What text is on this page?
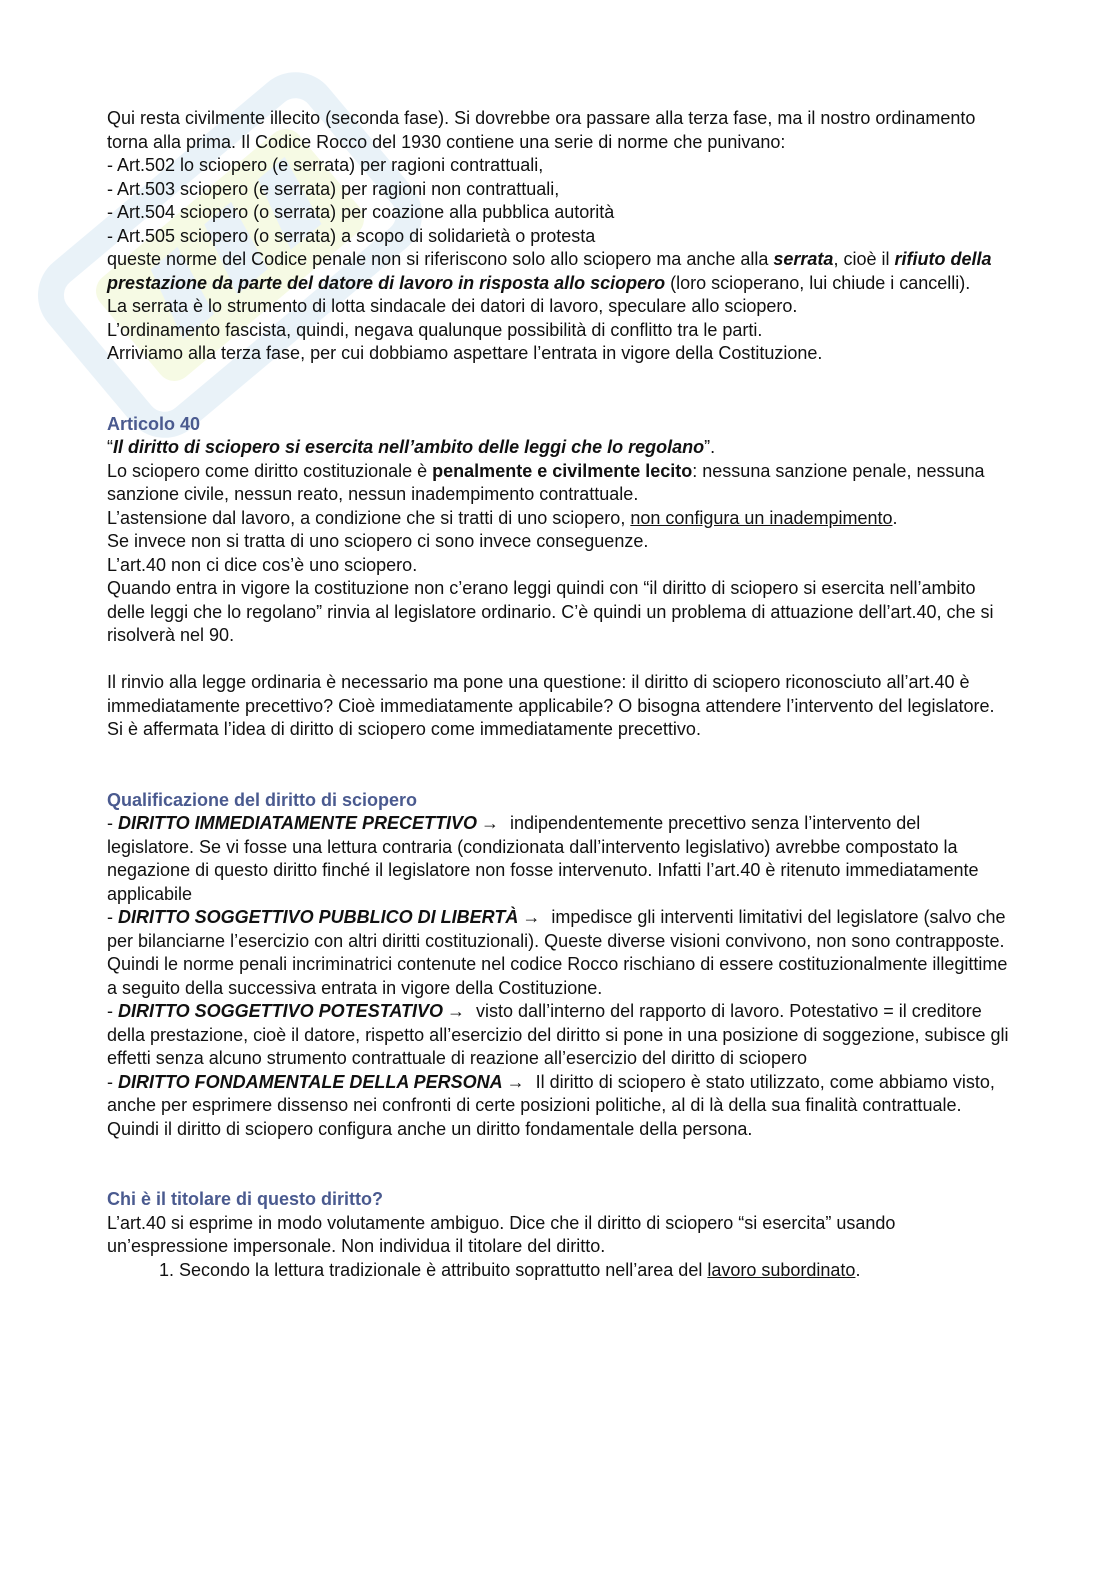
Qui resta civilmente illecito (seconda fase). Si dovrebbe ora passare alla terza fase, ma il nostro ordinamento torna alla prima. Il Codice Rocco del 1930 contiene una serie di norme che punivano:

- Art.502 lo sciopero (e serrata) per ragioni contrattuali,

- Art.503 sciopero (e serrata) per ragioni non contrattuali,

- Art.504 sciopero (o serrata) per coazione alla pubblica autorità

- Art.505 sciopero (o serrata) a scopo di solidarietà o protesta

queste norme del Codice penale non si riferiscono solo allo sciopero ma anche alla serrata, cioè il rifiuto della prestazione da parte del datore di lavoro in risposta allo sciopero (loro scioperano, lui chiude i cancelli).

La serrata è lo strumento di lotta sindacale dei datori di lavoro, speculare allo sciopero.

L’ordinamento fascista, quindi, negava qualunque possibilità di conflitto tra le parti.

Arriviamo alla terza fase, per cui dobbiamo aspettare l’entrata in vigore della Costituzione.

Articolo 40

“Il diritto di sciopero si esercita nell’ambito delle leggi che lo regolano”.

Lo sciopero come diritto costituzionale è penalmente e civilmente lecito: nessuna sanzione penale, nessuna sanzione civile, nessun reato, nessun inadempimento contrattuale.

L’astensione dal lavoro, a condizione che si tratti di uno sciopero, non configura un inadempimento.

Se invece non si tratta di uno sciopero ci sono invece conseguenze.

L’art.40 non ci dice cos’è uno sciopero.

Quando entra in vigore la costituzione non c’erano leggi quindi con “il diritto di sciopero si esercita nell’ambito delle leggi che lo regolano” rinvia al legislatore ordinario. C’è quindi un problema di attuazione dell’art.40, che si risolverà nel 90.

Il rinvio alla legge ordinaria è necessario ma pone una questione: il diritto di sciopero riconosciuto all’art.40 è immediatamente precettivo? Cioè immediatamente applicabile? O bisogna attendere l’intervento del legislatore. Si è affermata l’idea di diritto di sciopero come immediatamente precettivo.

Qualificazione del diritto di sciopero

- DIRITTO IMMEDIATAMENTE PRECETTIVO → indipendentemente precettivo senza l’intervento del legislatore. Se vi fosse una lettura contraria (condizionata dall’intervento legislativo) avrebbe compostato la negazione di questo diritto finché il legislatore non fosse intervenuto. Infatti l’art.40 è ritenuto immediatamente applicabile

- DIRITTO SOGGETTIVO PUBBLICO DI LIBERTÀ → impedisce gli interventi limitativi del legislatore (salvo che per bilanciarne l’esercizio con altri diritti costituzionali). Queste diverse visioni convivono, non sono contrapposte. Quindi le norme penali incriminatrici contenute nel codice Rocco rischiano di essere costituzionalmente illegittime a seguito della successiva entrata in vigore della Costituzione.

- DIRITTO SOGGETTIVO POTESTATIVO → visto dall’interno del rapporto di lavoro. Potestativo = il creditore della prestazione, cioè il datore, rispetto all’esercizio del diritto si pone in una posizione di soggezione, subisce gli effetti senza alcuno strumento contrattuale di reazione all’esercizio del diritto di sciopero

- DIRITTO FONDAMENTALE DELLA PERSONA → Il diritto di sciopero è stato utilizzato, come abbiamo visto, anche per esprimere dissenso nei confronti di certe posizioni politiche, al di là della sua finalità contrattuale. Quindi il diritto di sciopero configura anche un diritto fondamentale della persona.

Chi è il titolare di questo diritto?

L’art.40 si esprime in modo volutamente ambiguo. Dice che il diritto di sciopero “si esercita” usando un’espressione impersonale. Non individua il titolare del diritto.

1. Secondo la lettura tradizionale è attribuito soprattutto nell’area del lavoro subordinato.
